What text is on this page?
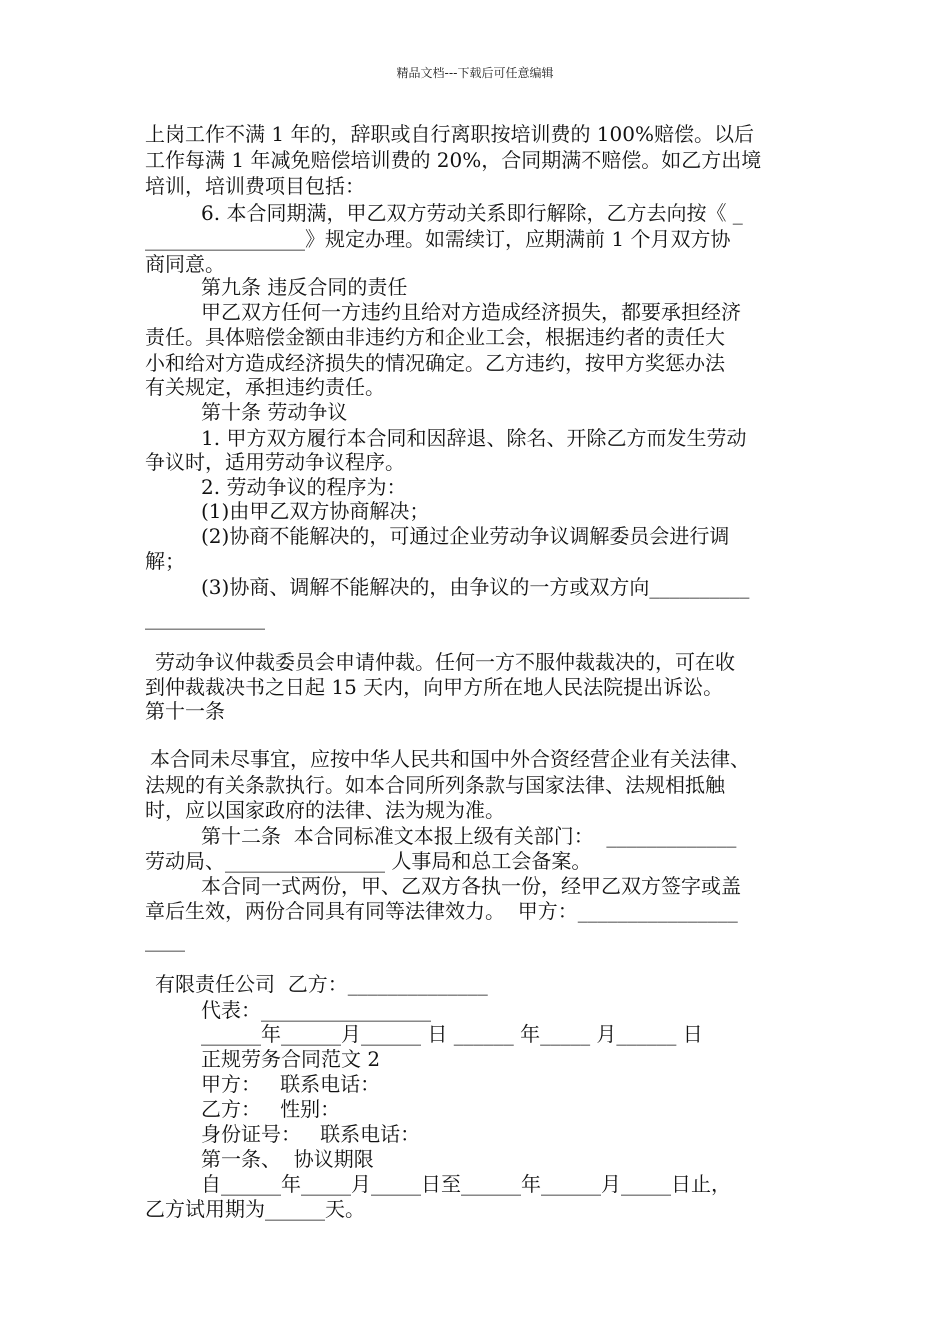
精品文档---下载后可任意编辑
上岗工作不满 1 年的，辞职或自行离职按培训费的 100%赔偿。以后
工作每满 1 年减免赔偿培训费的 20%，合同期满不赔偿。如乙方出境
培训，培训费项目包括：
6. 本合同期满，甲乙双方劳动关系即行解除，乙方去向按《 _
________________》规定办理。如需续订，应期满前 1 个月双方协
商同意。
第九条 违反合同的责任
甲乙双方任何一方违约且给对方造成经济损失，都要承担经济
责任。具体赔偿金额由非违约方和企业工会，根据违约者的责任大
小和给对方造成经济损失的情况确定。乙方违约，按甲方奖惩办法
有关规定，承担违约责任。
第十条 劳动争议
1. 甲方双方履行本合同和因辞退、除名、开除乙方而发生劳动
争议时，适用劳动争议程序。
2. 劳动争议的程序为：
(1)由甲乙双方协商解决；
(2)协商不能解决的，可通过企业劳动争议调解委员会进行调
解；
(3)协商、调解不能解决的，由争议的一方或双方向__________
____________
劳动争议仲裁委员会申请仲裁。任何一方不服仲裁裁决的，可在收
到仲裁裁决书之日起 15 天内，向甲方所在地人民法院提出诉讼。
第十一条
本合同未尽事宜，应按中华人民共和国中外合资经营企业有关法律、
法规的有关条款执行。如本合同所列条款与国家法律、法规相抵触
时，应以国家政府的法律、法为规为准。
第十二条  本合同标准文本报上级有关部门：  _____________
劳动局、________________ 人事局和总工会备案。
本合同一式两份，甲、乙双方各执一份，经甲乙双方签字或盖
章后生效，两份合同具有同等法律效力。  甲方：________________
____
有限责任公司  乙方：______________
代表：_________________
______年______月______ 日 ______ 年_____ 月______ 日
正规劳务合同范文 2
甲方：   联系电话：
乙方：   性别：
身份证号：   联系电话：
第一条、  协议期限
自______年_____月_____日至______年______月_____日止，
乙方试用期为______天。
